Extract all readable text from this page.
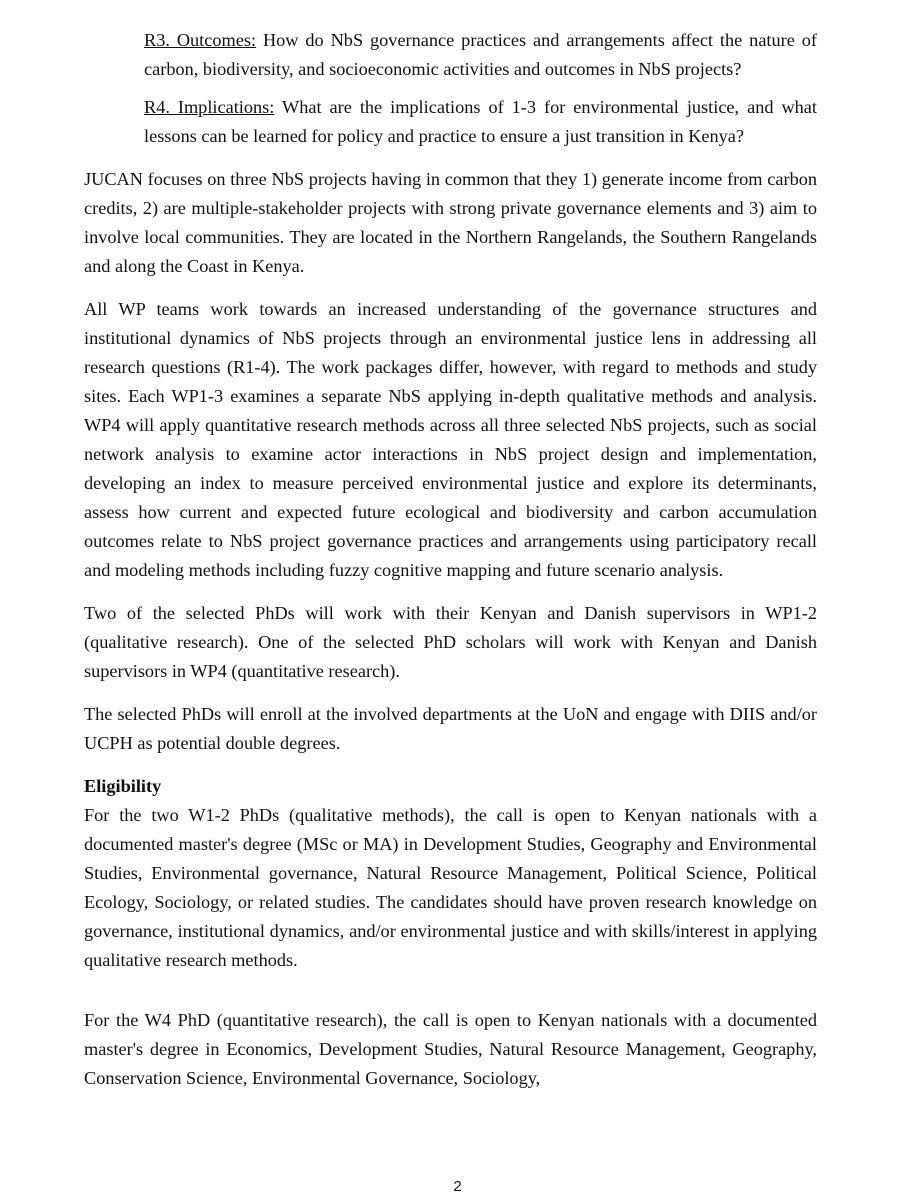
R3. Outcomes: How do NbS governance practices and arrangements affect the nature of carbon, biodiversity, and socioeconomic activities and outcomes in NbS projects?

R4. Implications: What are the implications of 1-3 for environmental justice, and what lessons can be learned for policy and practice to ensure a just transition in Kenya?

JUCAN focuses on three NbS projects having in common that they 1) generate income from carbon credits, 2) are multiple-stakeholder projects with strong private governance elements and 3) aim to involve local communities. They are located in the Northern Rangelands, the Southern Rangelands and along the Coast in Kenya.

All WP teams work towards an increased understanding of the governance structures and institutional dynamics of NbS projects through an environmental justice lens in addressing all research questions (R1-4). The work packages differ, however, with regard to methods and study sites. Each WP1-3 examines a separate NbS applying in-depth qualitative methods and analysis. WP4 will apply quantitative research methods across all three selected NbS projects, such as social network analysis to examine actor interactions in NbS project design and implementation, developing an index to measure perceived environmental justice and explore its determinants, assess how current and expected future ecological and biodiversity and carbon accumulation outcomes relate to NbS project governance practices and arrangements using participatory recall and modeling methods including fuzzy cognitive mapping and future scenario analysis.

Two of the selected PhDs will work with their Kenyan and Danish supervisors in WP1-2 (qualitative research). One of the selected PhD scholars will work with Kenyan and Danish supervisors in WP4 (quantitative research).

The selected PhDs will enroll at the involved departments at the UoN and engage with DIIS and/or UCPH as potential double degrees.

Eligibility

For the two W1-2 PhDs (qualitative methods), the call is open to Kenyan nationals with a documented master's degree (MSc or MA) in Development Studies, Geography and Environmental Studies, Environmental governance, Natural Resource Management, Political Science, Political Ecology, Sociology, or related studies. The candidates should have proven research knowledge on governance, institutional dynamics, and/or environmental justice and with skills/interest in applying qualitative research methods.

For the W4 PhD (quantitative research), the call is open to Kenyan nationals with a documented master's degree in Economics, Development Studies, Natural Resource Management, Geography, Conservation Science, Environmental Governance, Sociology,

2
